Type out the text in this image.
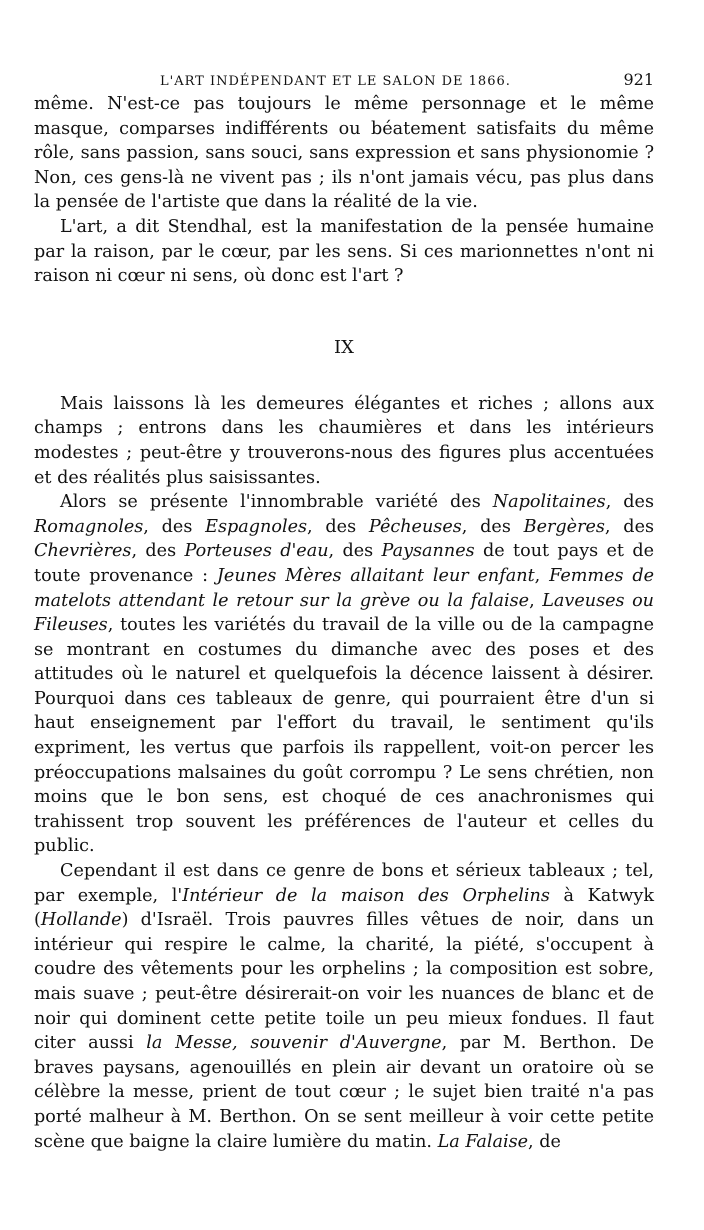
L'ART INDÉPENDANT ET LE SALON DE 1866.	921

même. N'est-ce pas toujours le même personnage et le même masque, comparses indifférents ou béatement satisfaits du même rôle, sans passion, sans souci, sans expression et sans physionomie ? Non, ces gens-là ne vivent pas ; ils n'ont jamais vécu, pas plus dans la pensée de l'artiste que dans la réalité de la vie.

L'art, a dit Stendhal, est la manifestation de la pensée humaine par la raison, par le cœur, par les sens. Si ces marionnettes n'ont ni raison ni cœur ni sens, où donc est l'art ?

IX

Mais laissons là les demeures élégantes et riches ; allons aux champs ; entrons dans les chaumières et dans les intérieurs modestes ; peut-être y trouverons-nous des figures plus accentuées et des réalités plus saisissantes.

Alors se présente l'innombrable variété des Napolitaines, des Romagnoles, des Espagnoles, des Pêcheuses, des Bergères, des Chevrières, des Porteuses d'eau, des Paysannes de tout pays et de toute provenance : Jeunes Mères allaitant leur enfant, Femmes de matelots attendant le retour sur la grève ou la falaise, Laveuses ou Fileuses, toutes les variétés du travail de la ville ou de la campagne se montrant en costumes du dimanche avec des poses et des attitudes où le naturel et quelquefois la décence laissent à désirer. Pourquoi dans ces tableaux de genre, qui pourraient être d'un si haut enseignement par l'effort du travail, le sentiment qu'ils expriment, les vertus que parfois ils rappellent, voit-on percer les préoccupations malsaines du goût corrompu ? Le sens chrétien, non moins que le bon sens, est choqué de ces anachronismes qui trahissent trop souvent les préférences de l'auteur et celles du public.

Cependant il est dans ce genre de bons et sérieux tableaux ; tel, par exemple, l'Intérieur de la maison des Orphelins à Katwyk (Hollande) d'Israël. Trois pauvres filles vêtues de noir, dans un intérieur qui respire le calme, la charité, la piété, s'occupent à coudre des vêtements pour les orphelins ; la composition est sobre, mais suave ; peut-être désirerait-on voir les nuances de blanc et de noir qui dominent cette petite toile un peu mieux fondues. Il faut citer aussi la Messe, souvenir d'Auvergne, par M. Berthon. De braves paysans, agenouillés en plein air devant un oratoire où se célèbre la messe, prient de tout cœur ; le sujet bien traité n'a pas porté malheur à M. Berthon. On se sent meilleur à voir cette petite scène que baigne la claire lumière du matin. La Falaise, de
